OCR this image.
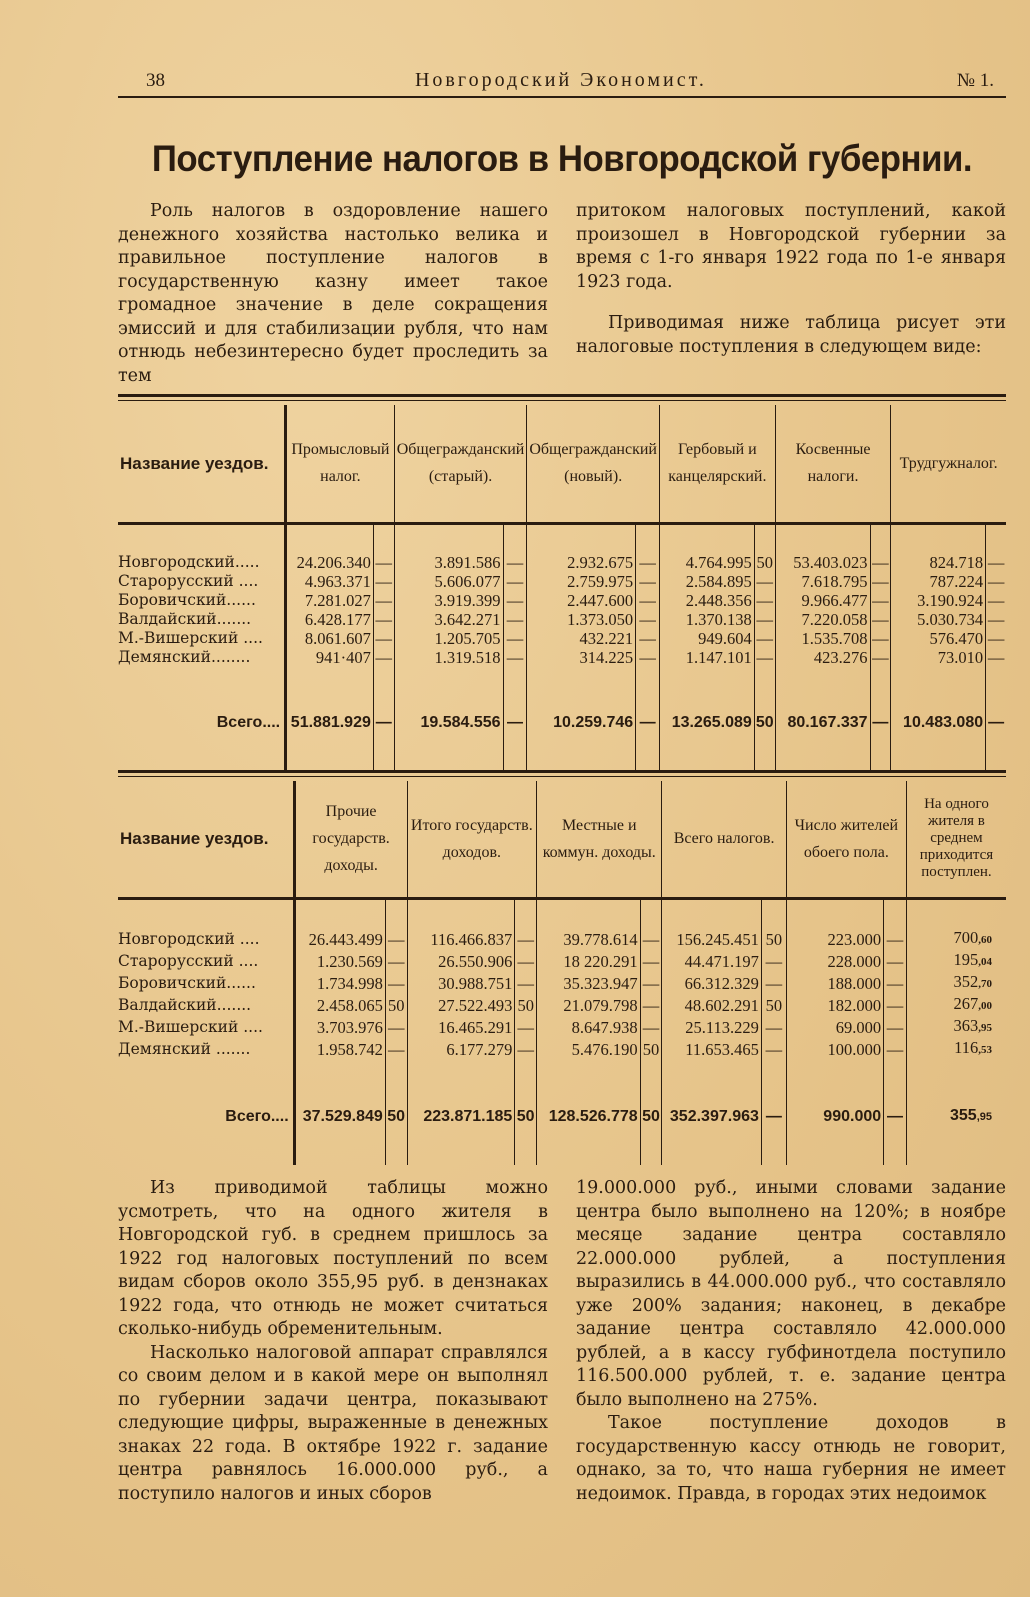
38	Новгородский Экономист.	№ 1.
Поступление налогов в Новгородской губернии.

Роль налогов в оздоровление нашего денежного хозяйства настолько велика и правильное поступление налогов в государственную казну имеет такое громадное значение в деле сокращения эмиссий и для стабилизации рубля, что нам отнюдь небезинтересно будет проследить за тем

притоком налоговых поступлений, какой произошел в Новгородской губернии за время с 1-го января 1922 года по 1-е января 1923 года.

Приводимая ниже таблица рисует эти налоговые поступления в следующем виде:

Название уездов.	Промысловый налог.		Общегражданский (старый).		Общегражданский (новый).		Гербовый и канцелярский.		Косвенные налоги.		Трудгужналог.	

Новгородский.....	24.206.340	—	3.891.586	—	2.932.675	—	4.764.995	50	53.403.023	—	824.718	—
Старорусский ....	4.963.371	—	5.606.077	—	2.759.975	—	2.584.895	—	7.618.795	—	787.224	—
Боровичский......	7.281.027	—	3.919.399	—	2.447.600	—	2.448.356	—	9.966.477	—	3.190.924	—
Валдайский.......	6.428.177	—	3.642.271	—	1.373.050	—	1.370.138	—	7.220.058	—	5.030.734	—
М.-Вишерский ....	8.061.607	—	1.205.705	—	432.221	—	949.604	—	1.535.708	—	576.470	—
Демянский........	941·407	—	1.319.518	—	314.225	—	1.147.101	—	423.276	—	73.010	—

Всего....	51.881.929	—	19.584.556	—	10.259.746	—	13.265.089	50	80.167.337	—	10.483.080	—
Название уездов.	Прочие государств. доходы.		Итого государств. доходов.		Местные и коммун. доходы.		Всего налогов.		Число жителей обоего пола.		На одного жителя в среднем приходится поступлен.

Новгородский ....	26.443.499	—	116.466.837	—	39.778.614	—	156.245.451	50	223.000	—	700,60
Старорусский ....	1.230.569	—	26.550.906	—	18 220.291	—	44.471.197	—	228.000	—	195,04
Боровичский......	1.734.998	—	30.988.751	—	35.323.947	—	66.312.329	—	188.000	—	352,70
Валдайский.......	2.458.065	50	27.522.493	50	21.079.798	—	48.602.291	50	182.000	—	267,00
М.-Вишерский ....	3.703.976	—	16.465.291	—	8.647.938	—	25.113.229	—	69.000	—	363,95
Демянский .......	1.958.742	—	6.177.279	—	5.476.190	50	11.653.465	—	100.000	—	116,53

Всего....	37.529.849	50	223.871.185	50	128.526.778	50	352.397.963	—	990.000	—	355,95

Из приводимой таблицы можно усмотреть, что на одного жителя в Новгородской губ. в среднем пришлось за 1922 год налоговых поступлений по всем видам сборов около 355,95 руб. в дензнаках 1922 года, что отнюдь не может считаться сколько-нибудь обременительным.

Насколько налоговой аппарат справлялся со своим делом и в какой мере он выполнял по губернии задачи центра, показывают следующие цифры, выраженные в денежных знаках 22 года. В октябре 1922 г. задание центра равнялось 16.000.000 руб., а поступило налогов и иных сборов

19.000.000 руб., иными словами задание центра было выполнено на 120%; в ноябре месяце задание центра составляло 22.000.000 рублей, а поступления выразились в 44.000.000 руб., что составляло уже 200% задания; наконец, в декабре задание центра составляло 42.000.000 рублей, а в кассу губфинотдела поступило 116.500.000 рублей, т. е. задание центра было выполнено на 275%.

Такое поступление доходов в государственную кассу отнюдь не говорит, однако, за то, что наша губерния не имеет недоимок. Правда, в городах этих недоимок
